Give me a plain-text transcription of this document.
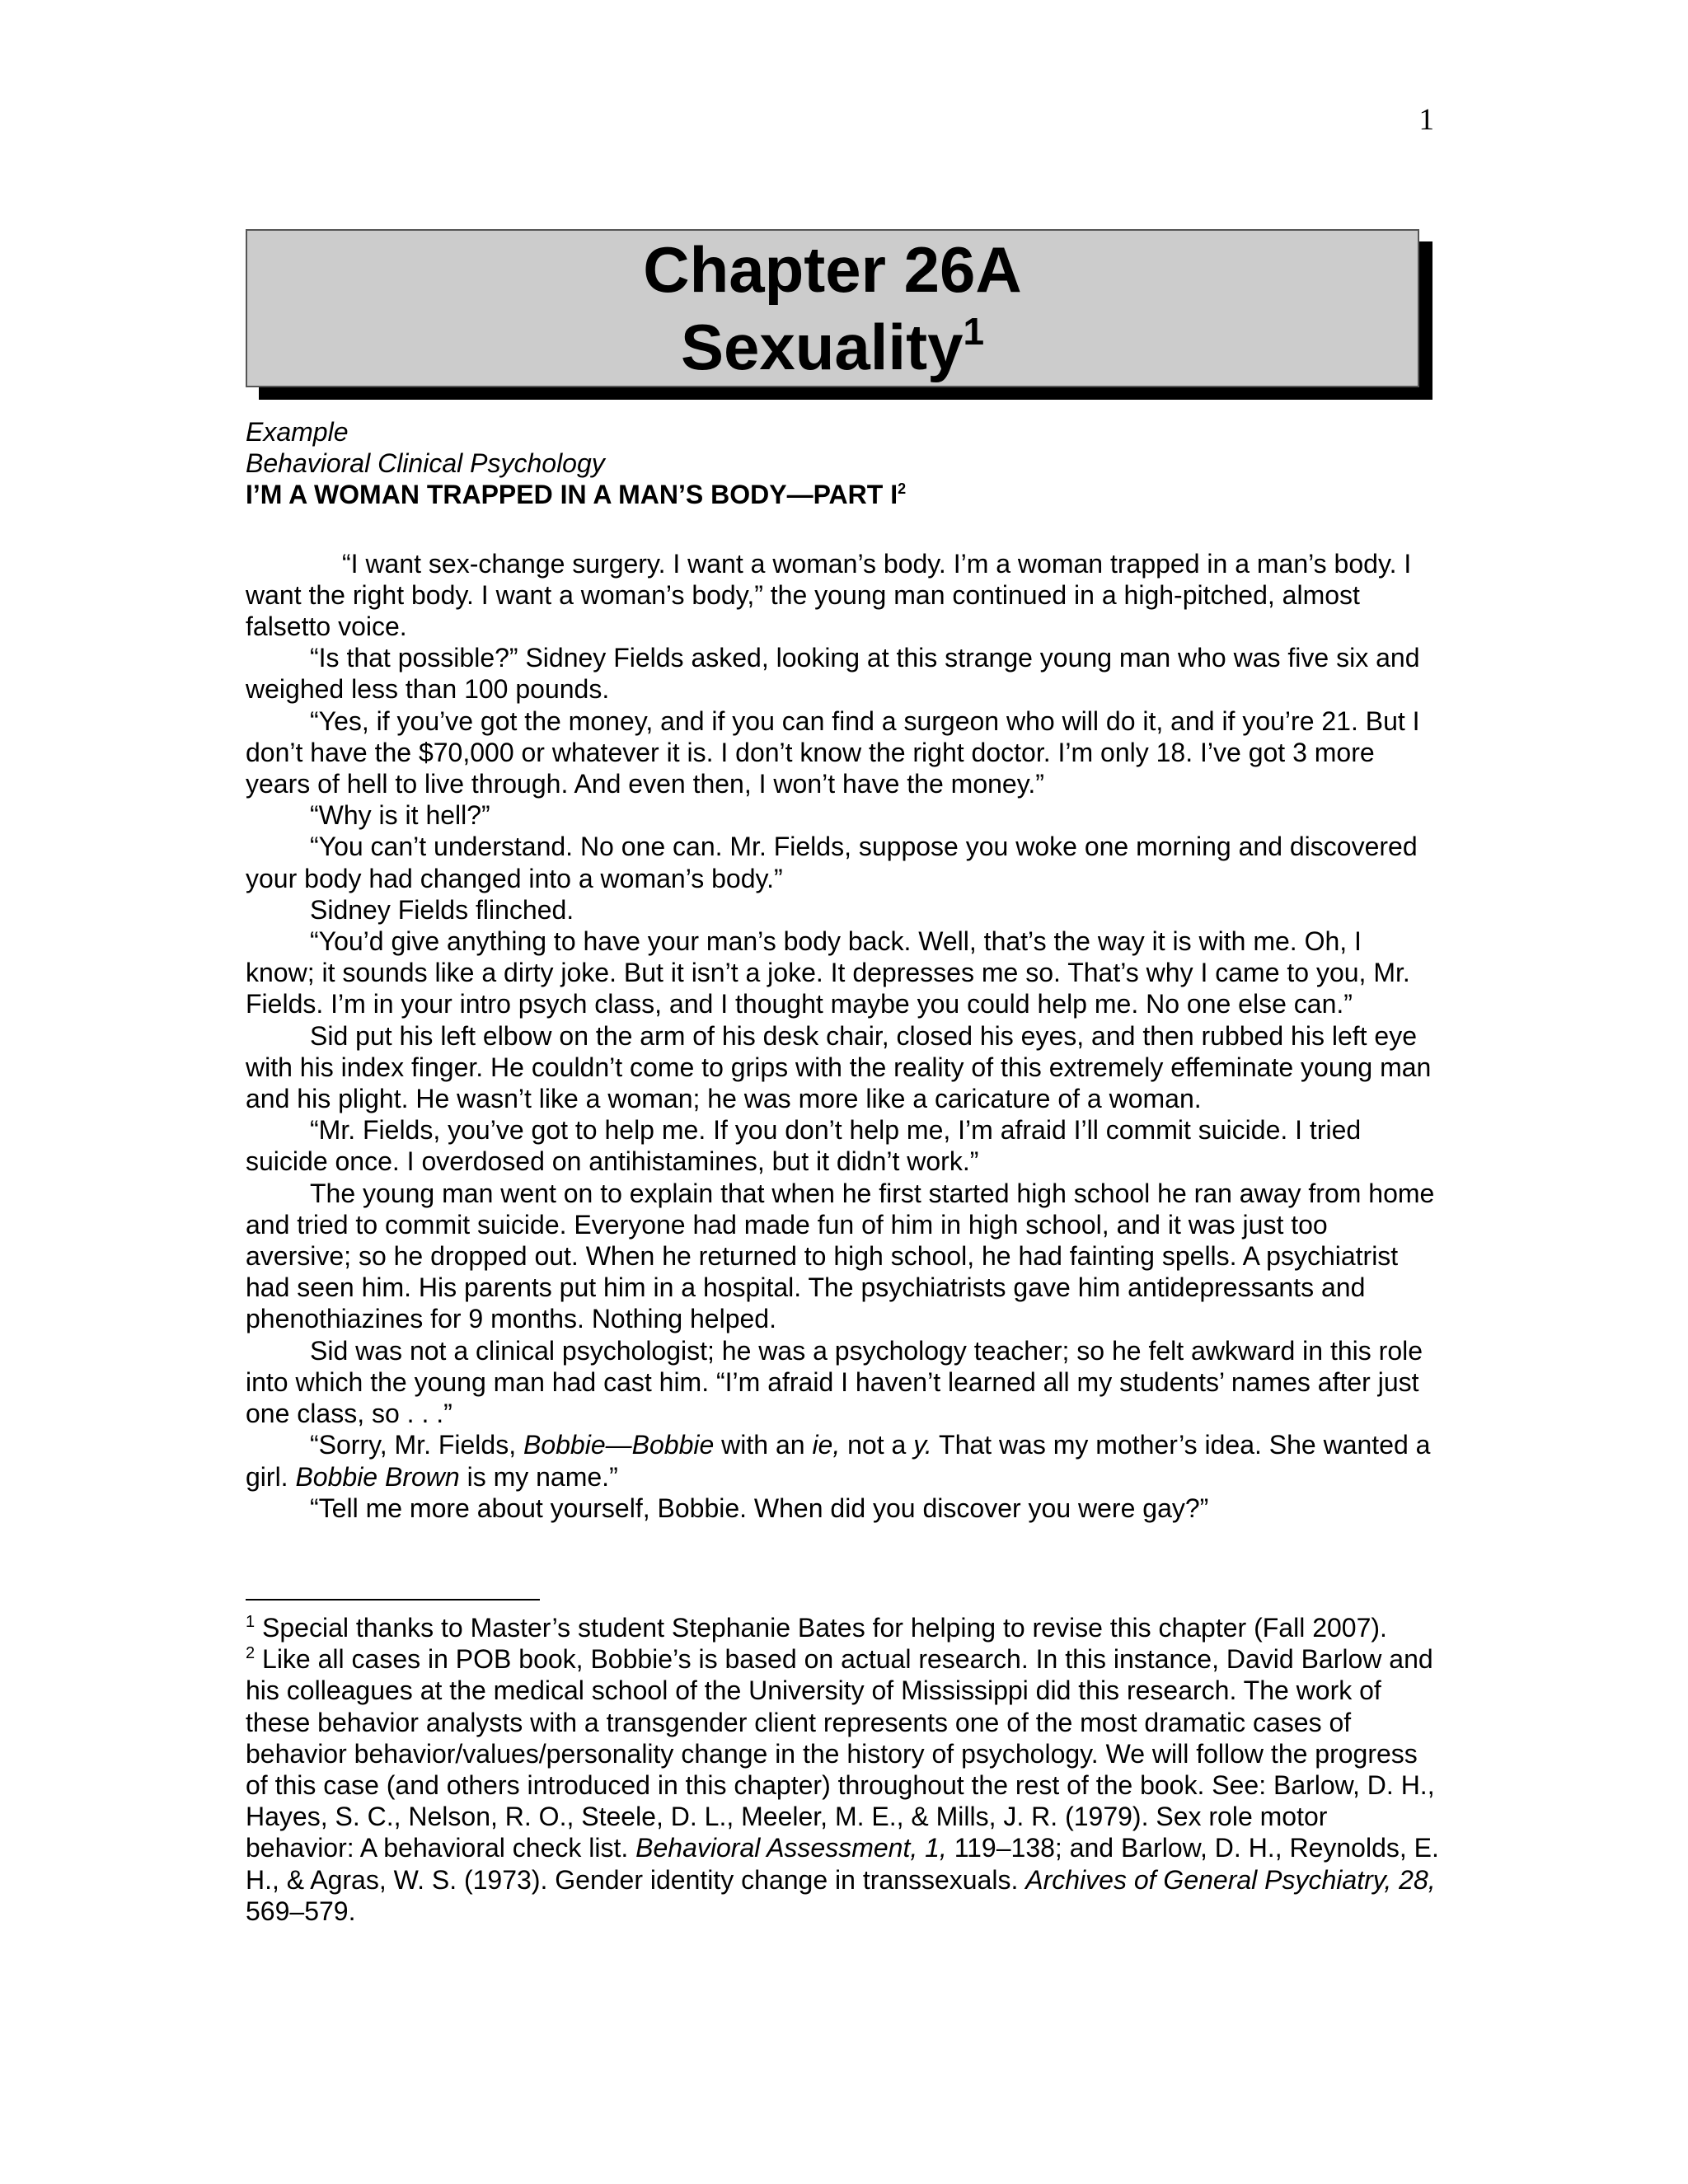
1
Chapter 26A
Sexuality$^1$
Example
Behavioral Clinical Psychology
I’M A WOMAN TRAPPED IN A MAN’S BODY—PART $I^2$

“I want sex-change surgery. I want a woman’s body. I’m a woman trapped in a man’s body. I want the right body. I want a woman’s body,” the young man continued in a high-pitched, almost falsetto voice.

“Is that possible?” Sidney Fields asked, looking at this strange young man who was five six and weighed less than 100 pounds.

“Yes, if you’ve got the money, and if you can find a surgeon who will do it, and if you’re 21. But I don’t have the $70,000 or whatever it is. I don’t know the right doctor. I’m only 18. I’ve got 3 more years of hell to live through. And even then, I won’t have the money.”

“Why is it hell?”

“You can’t understand. No one can. Mr. Fields, suppose you woke one morning and discovered your body had changed into a woman’s body.”

Sidney Fields flinched.

“You’d give anything to have your man’s body back. Well, that’s the way it is with me. Oh, I know; it sounds like a dirty joke. But it isn’t a joke. It depresses me so. That’s why I came to you, Mr. Fields. I’m in your intro psych class, and I thought maybe you could help me. No one else can.”

Sid put his left elbow on the arm of his desk chair, closed his eyes, and then rubbed his left eye with his index finger. He couldn’t come to grips with the reality of this extremely effeminate young man and his plight. He wasn’t like a woman; he was more like a caricature of a woman.

“Mr. Fields, you’ve got to help me. If you don’t help me, I’m afraid I’ll commit suicide. I tried suicide once. I overdosed on antihistamines, but it didn’t work.”

The young man went on to explain that when he first started high school he ran away from home and tried to commit suicide. Everyone had made fun of him in high school, and it was just too aversive; so he dropped out. When he returned to high school, he had fainting spells. A psychiatrist had seen him. His parents put him in a hospital. The psychiatrists gave him antidepressants and phenothiazines for 9 months. Nothing helped.

Sid was not a clinical psychologist; he was a psychology teacher; so he felt awkward in this role into which the young man had cast him. “I’m afraid I haven’t learned all my students’ names after just one class, so . . .”

“Sorry, Mr. Fields, Bobbie—Bobbie with an ie, not a y. That was my mother’s idea. She wanted a girl. Bobbie Brown is my name.”

“Tell me more about yourself, Bobbie. When did you discover you were gay?”

$^1$ Special thanks to Master’s student Stephanie Bates for helping to revise this chapter (Fall 2007).

$^2$ Like all cases in POB book, Bobbie’s is based on actual research. In this instance, David Barlow and his colleagues at the medical school of the University of Mississippi did this research. The work of these behavior analysts with a transgender client represents one of the most dramatic cases of behavior behavior/values/personality change in the history of psychology. We will follow the progress of this case (and others introduced in this chapter) throughout the rest of the book. See: Barlow, D. H., Hayes, S. C., Nelson, R. O., Steele, D. L., Meeler, M. E., & Mills, J. R. (1979). Sex role motor behavior: A behavioral check list. Behavioral Assessment, 1, 119–138; and Barlow, D. H., Reynolds, E. H., & Agras, W. S. (1973). Gender identity change in transsexuals. Archives of General Psychiatry, 28, 569–579.
